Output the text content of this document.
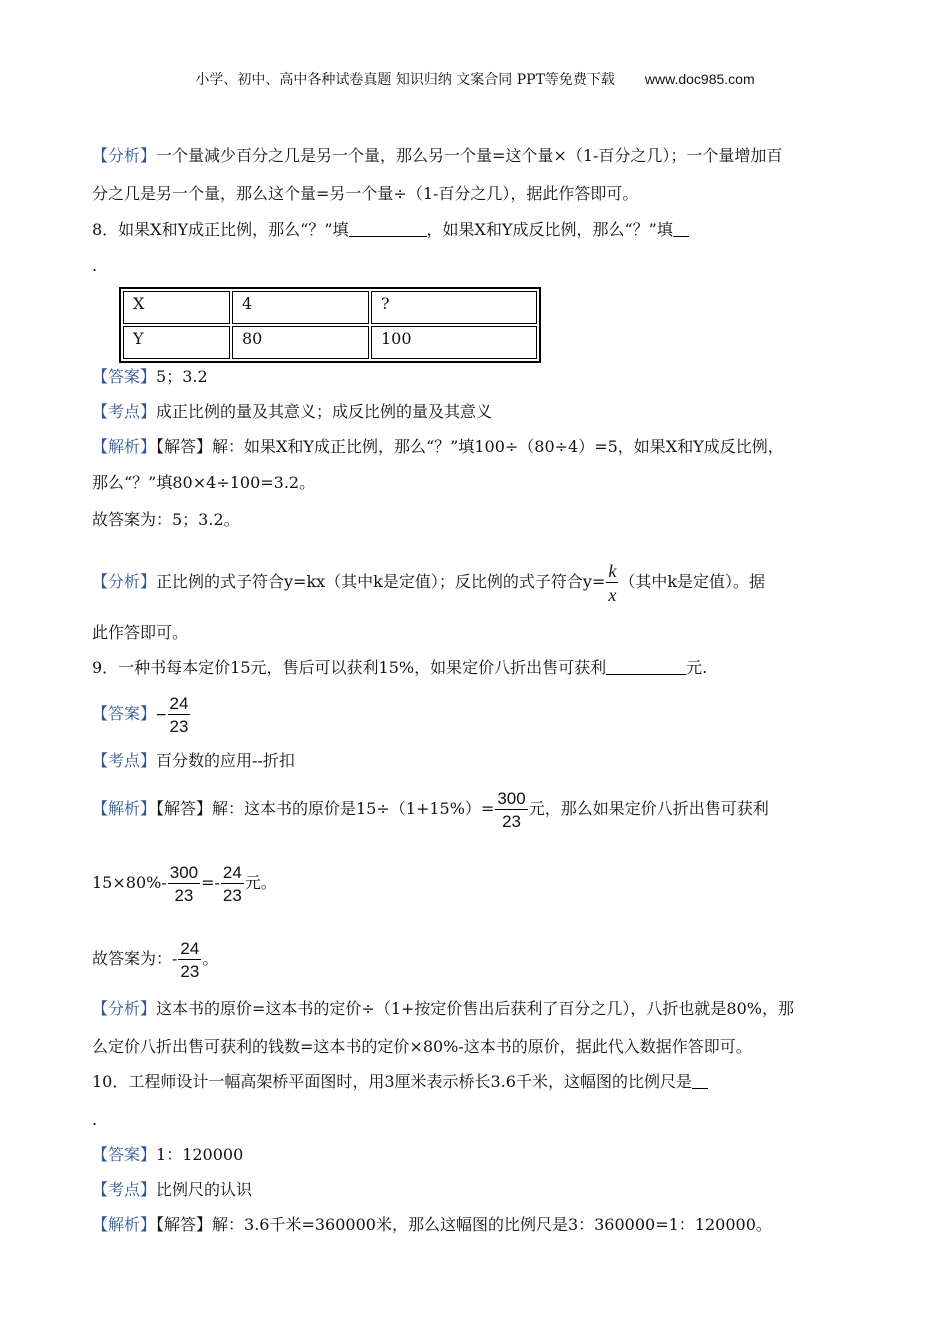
小学、初中、高中各种试卷真题 知识归纳 文案合同 PPT等免费下载 www.doc985.com
【分析】一个量减少百分之几是另一个量，那么另一个量=这个量×（1-百分之几）；一个量增加百
分之几是另一个量，那么这个量=另一个量÷（1-百分之几），据此作答即可。
8．如果X和Y成正比例，那么“？”填	，如果X和Y成反比例，那么“？”填
.
X	4	?
Y	80	100
【答案】5；3.2
【考点】成正比例的量及其意义；成反比例的量及其意义
【解析】【解答】解：如果X和Y成正比例，那么“？”填100÷（80÷4）=5，如果X和Y成反比例，
那么“？”填80×4÷100=3.2。
故答案为：5；3.2。
【分析】正比例的式子符合y=kx（其中k是定值）；反比例的式子符合$y= \frac{k}{x}$ （其中k是定值）。据
此作答即可。
9．一种书每本定价15元，售后可以获利15%，如果定价八折出售可获利	元.
【答案】− $\frac{24}{23}$
【考点】百分数的应用--折扣
【解析】【解答】解：这本书的原价是$15\div(1+15\%)= \frac{300}{23}$ 元，那么如果定价八折出售可获利
$15\times 80\%- \frac{300}{23} =- \frac{24}{23}$ 元。
故答案为：- $\frac{24}{23}$ 。
【分析】这本书的原价=这本书的定价÷（1+按定价售出后获利了百分之几），八折也就是80%，那
么定价八折出售可获利的钱数=这本书的定价×80%-这本书的原价，据此代入数据作答即可。
10．工程师设计一幅高架桥平面图时，用3厘米表示桥长3.6千米，这幅图的比例尺是
.
【答案】1：120000
【考点】比例尺的认识
【解析】【解答】解：3.6千米=360000米，那么这幅图的比例尺是3：360000=1：120000。
